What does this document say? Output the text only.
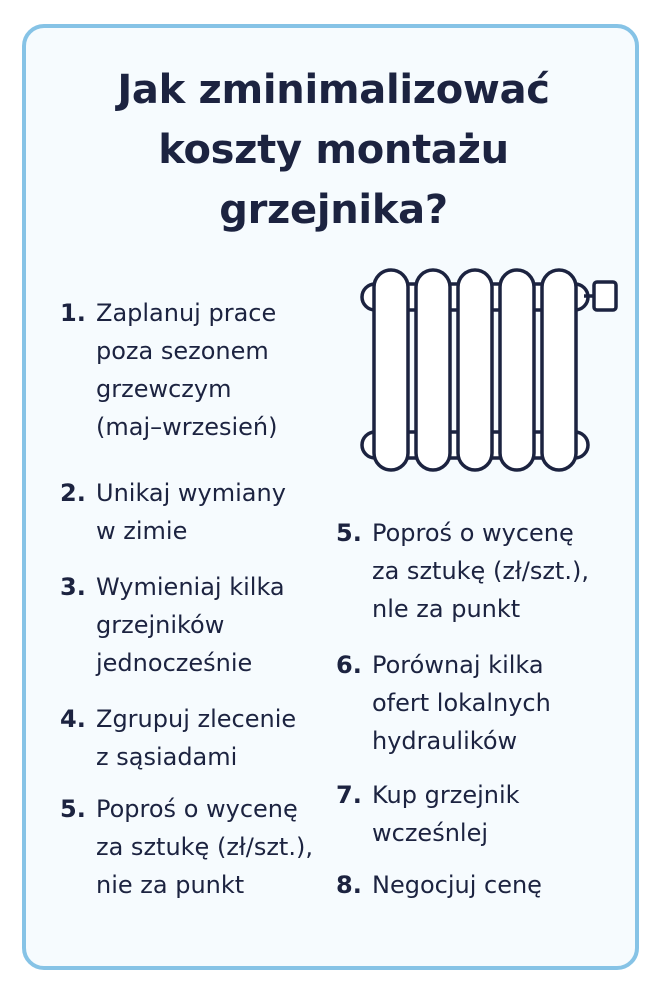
Jak zminimalizować
koszty montażu
grzejnika?
1. Zaplanuj prace
poza sezonem
grzewczym
(maj–wrzesień)
2. Unikaj wymiany
w zimie
3. Wymieniaj kilka
grzejników
jednocześnie
4. Zgrupuj zlecenie
z sąsiadami
5. Poproś o wycenę
za sztukę (zł/szt.),
nie za punkt
5. Poproś o wycenę
za sztukę (zł/szt.),
nle za punkt
6. Porównaj kilka
ofert lokalnych
hydraulików
7. Kup grzejnik
wcześnlej
8. Negocjuj cenę
